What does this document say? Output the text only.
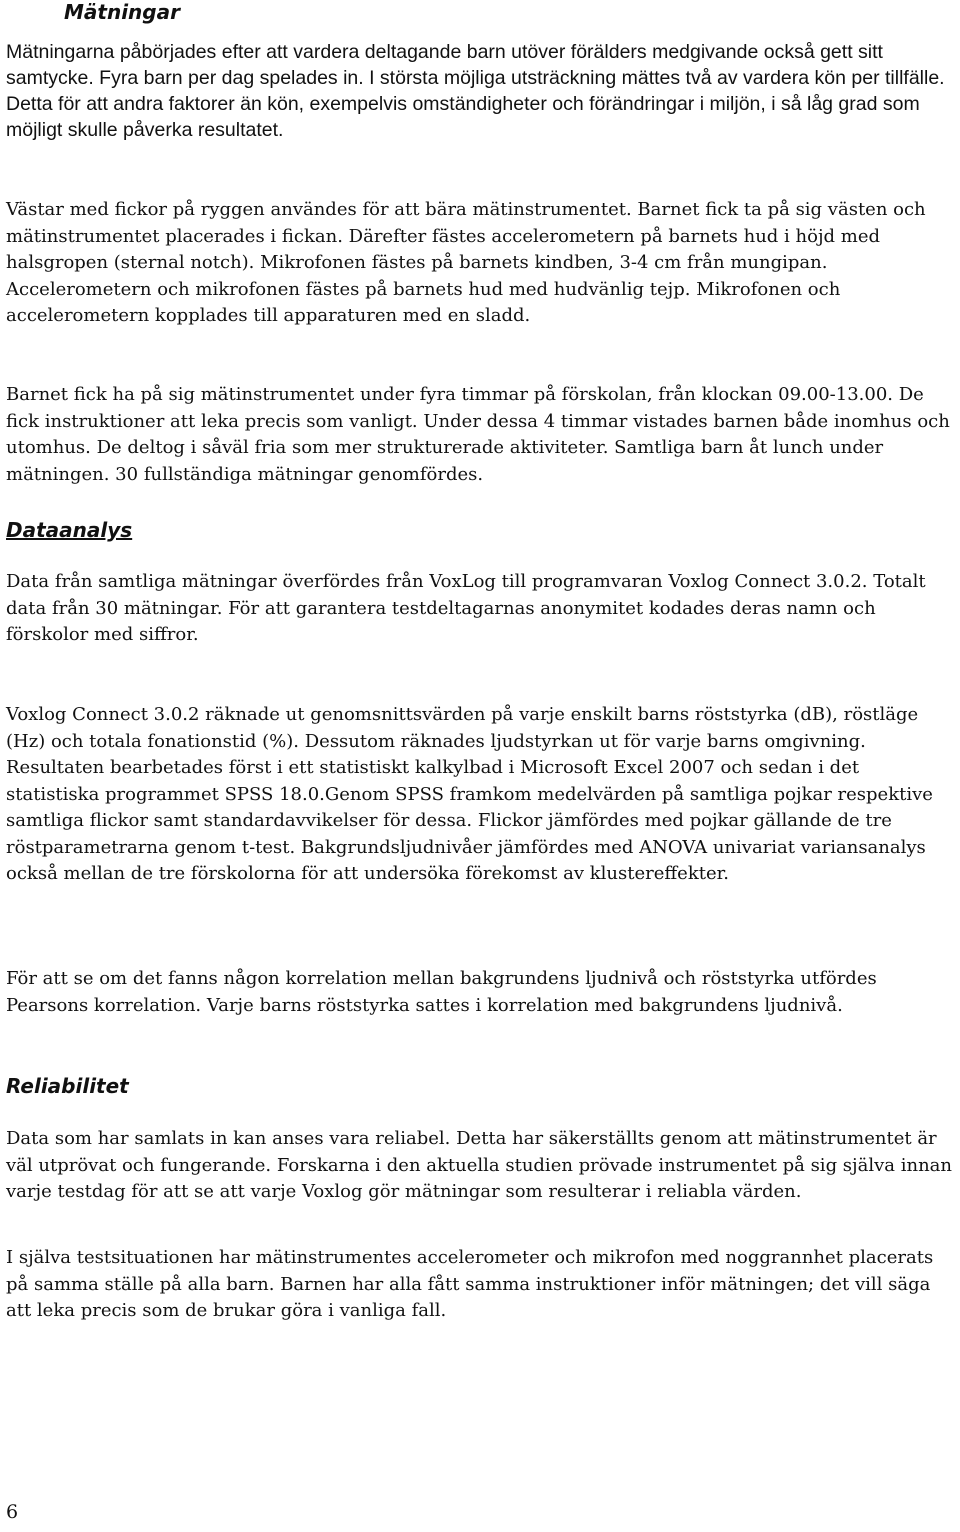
Mätningar

Mätningarna påbörjades efter att vardera deltagande barn utöver förälders medgivande också gett sitt samtycke. Fyra barn per dag spelades in. I största möjliga utsträckning mättes två av vardera kön per tillfälle. Detta för att andra faktorer än kön, exempelvis omständigheter och förändringar i miljön, i så låg grad som möjligt skulle påverka resultatet.

Västar med fickor på ryggen användes för att bära mätinstrumentet. Barnet fick ta på sig västen och mätinstrumentet placerades i fickan. Därefter fästes accelerometern på barnets hud i höjd med halsgropen (sternal notch). Mikrofonen fästes på barnets kindben, 3-4 cm från mungipan. Accelerometern och mikrofonen fästes på barnets hud med hudvänlig tejp. Mikrofonen och accelerometern kopplades till apparaturen med en sladd.

Barnet fick ha på sig mätinstrumentet under fyra timmar på förskolan, från klockan 09.00-13.00. De fick instruktioner att leka precis som vanligt. Under dessa 4 timmar vistades barnen både inomhus och utomhus. De deltog i såväl fria som mer strukturerade aktiviteter. Samtliga barn åt lunch under mätningen. 30 fullständiga mätningar genomfördes.

Dataanalys

Data från samtliga mätningar överfördes från VoxLog till programvaran Voxlog Connect 3.0.2. Totalt data från 30 mätningar. För att garantera testdeltagarnas anonymitet kodades deras namn och förskolor med siffror.

Voxlog Connect 3.0.2 räknade ut genomsnittsvärden på varje enskilt barns röststyrka (dB), röstläge (Hz) och totala fonationstid (%). Dessutom räknades ljudstyrkan ut för varje barns omgivning. Resultaten bearbetades först i ett statistiskt kalkylbad i Microsoft Excel 2007 och sedan i det statistiska programmet SPSS 18.0.Genom SPSS framkom medelvärden på samtliga pojkar respektive samtliga flickor samt standardavvikelser för dessa. Flickor jämfördes med pojkar gällande de tre röstparametrarna genom t-test. Bakgrundsljudnivåer jämfördes med ANOVA univariat variansanalys också mellan de tre förskolorna för att undersöka förekomst av klustereffekter.

För att se om det fanns någon korrelation mellan bakgrundens ljudnivå och röststyrka utfördes Pearsons korrelation. Varje barns röststyrka sattes i korrelation med bakgrundens ljudnivå.

Reliabilitet

Data som har samlats in kan anses vara reliabel. Detta har säkerställts genom att mätinstrumentet är väl utprövat och fungerande. Forskarna i den aktuella studien prövade instrumentet på sig själva innan varje testdag för att se att varje Voxlog gör mätningar som resulterar i reliabla värden.

I själva testsituationen har mätinstrumentes accelerometer och mikrofon med noggrannhet placerats på samma ställe på alla barn. Barnen har alla fått samma instruktioner inför mätningen; det vill säga att leka precis som de brukar göra i vanliga fall.

6
